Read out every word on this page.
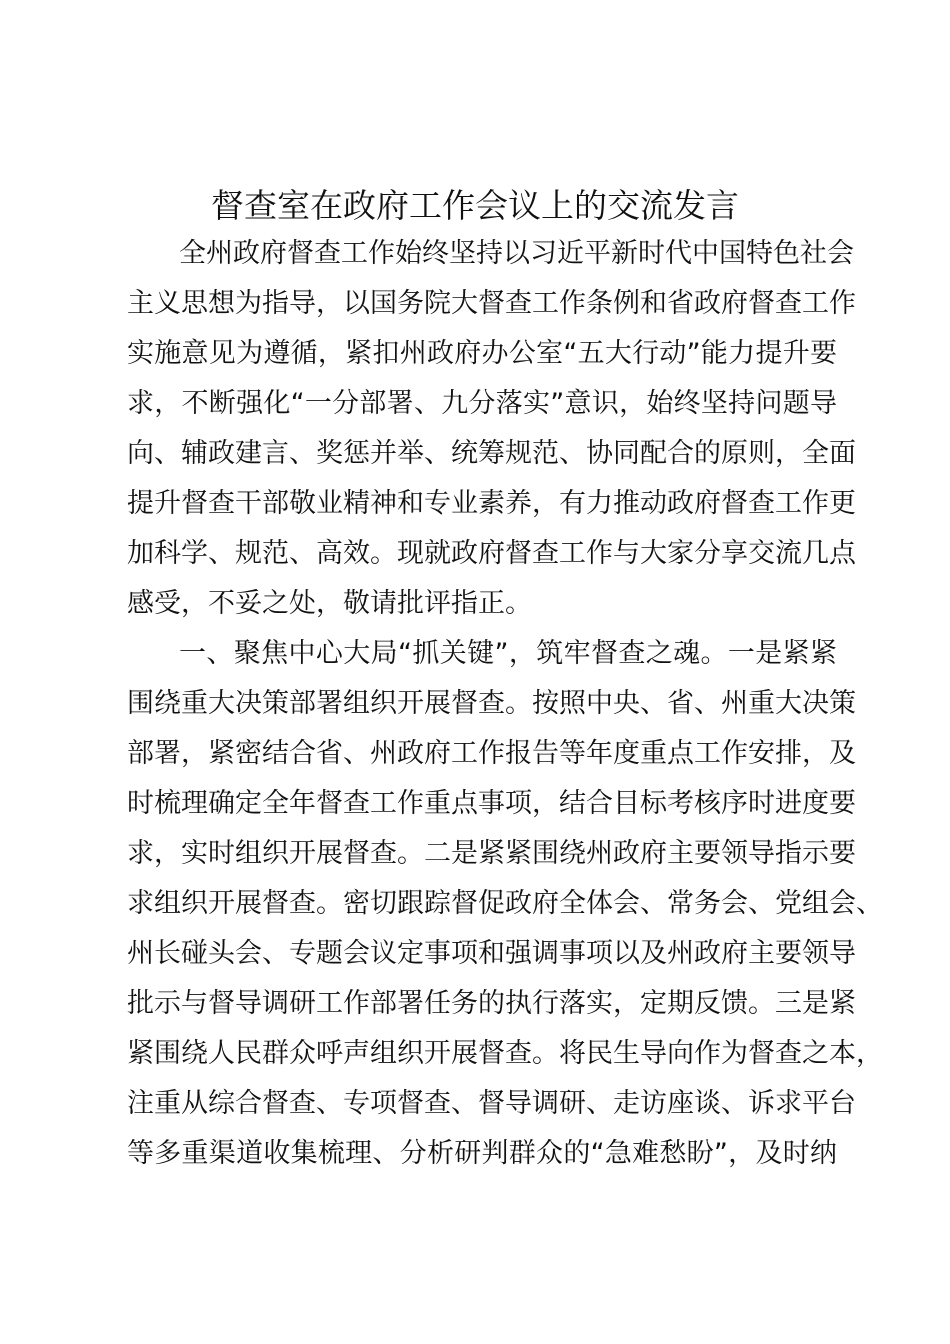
督查室在政府工作会议上的交流发言
全州政府督查工作始终坚持以习近平新时代中国特色社会
主义思想为指导，以国务院大督查工作条例和省政府督查工作
实施意见为遵循，紧扣州政府办公室“五大行动”能力提升要
求，不断强化“一分部署、九分落实”意识，始终坚持问题导
向、辅政建言、奖惩并举、统筹规范、协同配合的原则，全面
提升督查干部敬业精神和专业素养，有力推动政府督查工作更
加科学、规范、高效。现就政府督查工作与大家分享交流几点
感受，不妥之处，敬请批评指正。
一、聚焦中心大局“抓关键”，筑牢督查之魂。一是紧紧
围绕重大决策部署组织开展督查。按照中央、省、州重大决策
部署，紧密结合省、州政府工作报告等年度重点工作安排，及
时梳理确定全年督查工作重点事项，结合目标考核序时进度要
求，实时组织开展督查。二是紧紧围绕州政府主要领导指示要
求组织开展督查。密切跟踪督促政府全体会、常务会、党组会、
州长碰头会、专题会议定事项和强调事项以及州政府主要领导
批示与督导调研工作部署任务的执行落实，定期反馈。三是紧
紧围绕人民群众呼声组织开展督查。将民生导向作为督查之本，
注重从综合督查、专项督查、督导调研、走访座谈、诉求平台
等多重渠道收集梳理、分析研判群众的“急难愁盼”，及时纳
